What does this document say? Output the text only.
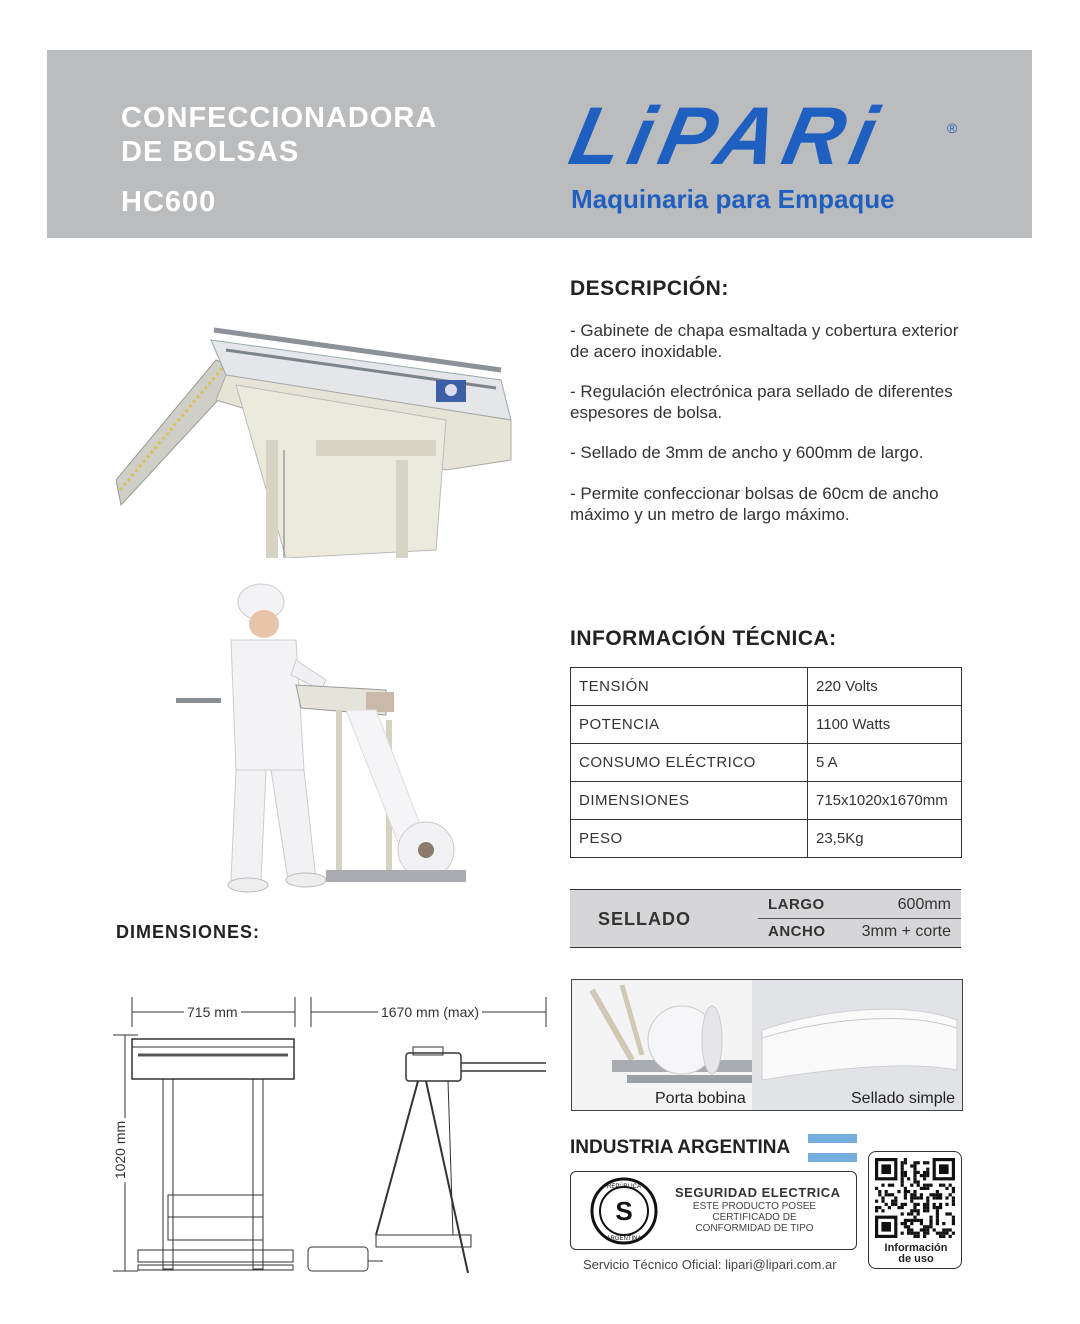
CONFECCIONADORA
DE BOLSAS
HC600
LiPARi	®
Maquinaria para Empaque
DESCRIPCIÓN:
- Gabinete de chapa esmaltada y cobertura exterior de acero inoxidable.
- Regulación electrónica para sellado de diferentes espesores de bolsa.
- Sellado de 3mm de ancho y 600mm de largo.
- Permite confeccionar bolsas de 60cm de ancho máximo y un metro de largo máximo.
INFORMACIÓN TÉCNICA:
TENSIÓN	220 Volts
POTENCIA	1100 Watts
CONSUMO ELÉCTRICO	5 A
DIMENSIONES	715x1020x1670mm
PESO	23,5Kg
SELLADO
LARGO	600mm
ANCHO 3mm + corte
DIMENSIONES:
715 mm	1670 mm (max)
1020 mm
Porta bobina	Sellado simple
INDUSTRIA ARGENTINA
S
REPÚBLICA
ARGENTINA
SEGURIDAD ELECTRICA
ESTE PRODUCTO POSEE
CERTIFICADO DE
CONFORMIDAD DE TIPO
Servicio Técnico Oficial: lipari@lipari.com.ar
Información
de uso
